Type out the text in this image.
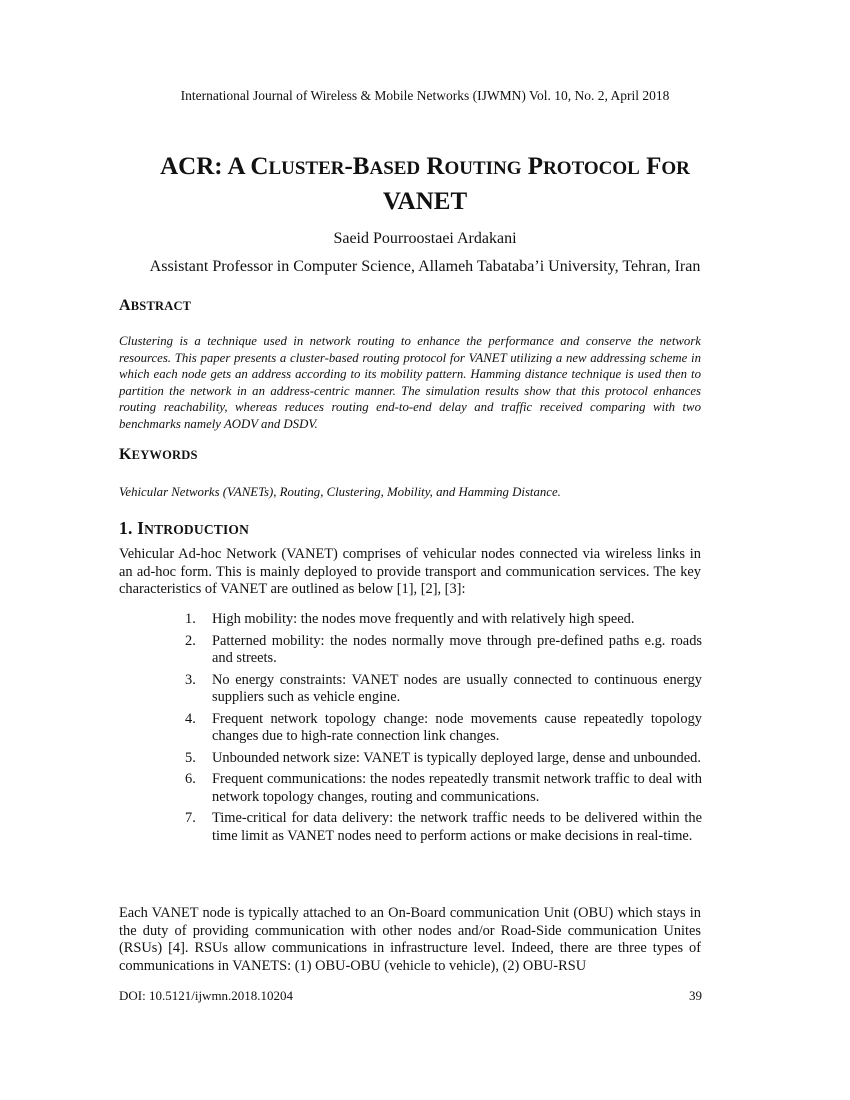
International Journal of Wireless & Mobile Networks (IJWMN) Vol. 10, No. 2, April 2018
ACR: A CLUSTER-BASED ROUTING PROTOCOL FOR
VANET
Saeid Pourroostaei Ardakani
Assistant Professor in Computer Science, Allameh Tabataba’i University, Tehran, Iran
ABSTRACT
Clustering is a technique used in network routing to enhance the performance and conserve the network resources. This paper presents a cluster-based routing protocol for VANET utilizing a new addressing scheme in which each node gets an address according to its mobility pattern. Hamming distance technique is used then to partition the network in an address-centric manner. The simulation results show that this protocol enhances routing reachability, whereas reduces routing end-to-end delay and traffic received comparing with two benchmarks namely AODV and DSDV.
KEYWORDS
Vehicular Networks (VANETs), Routing, Clustering, Mobility, and Hamming Distance.
1. INTRODUCTION
Vehicular Ad-hoc Network (VANET) comprises of vehicular nodes connected via wireless links in an ad-hoc form. This is mainly deployed to provide transport and communication services. The key characteristics of VANET are outlined as below [1], [2], [3]:
1. High mobility: the nodes move frequently and with relatively high speed.
2. Patterned mobility: the nodes normally move through pre-defined paths e.g. roads and streets.
3. No energy constraints: VANET nodes are usually connected to continuous energy suppliers such as vehicle engine.
4. Frequent network topology change: node movements cause repeatedly topology changes due to high-rate connection link changes.
5. Unbounded network size: VANET is typically deployed large, dense and unbounded.
6. Frequent communications: the nodes repeatedly transmit network traffic to deal with network topology changes, routing and communications.
7. Time-critical for data delivery: the network traffic needs to be delivered within the time limit as VANET nodes need to perform actions or make decisions in real-time.
Each VANET node is typically attached to an On-Board communication Unit (OBU) which stays in the duty of providing communication with other nodes and/or Road-Side communication Unites (RSUs) [4]. RSUs allow communications in infrastructure level. Indeed, there are three types of communications in VANETS: (1) OBU-OBU (vehicle to vehicle), (2) OBU-RSU
DOI: 10.5121/ijwmn.2018.10204	39
